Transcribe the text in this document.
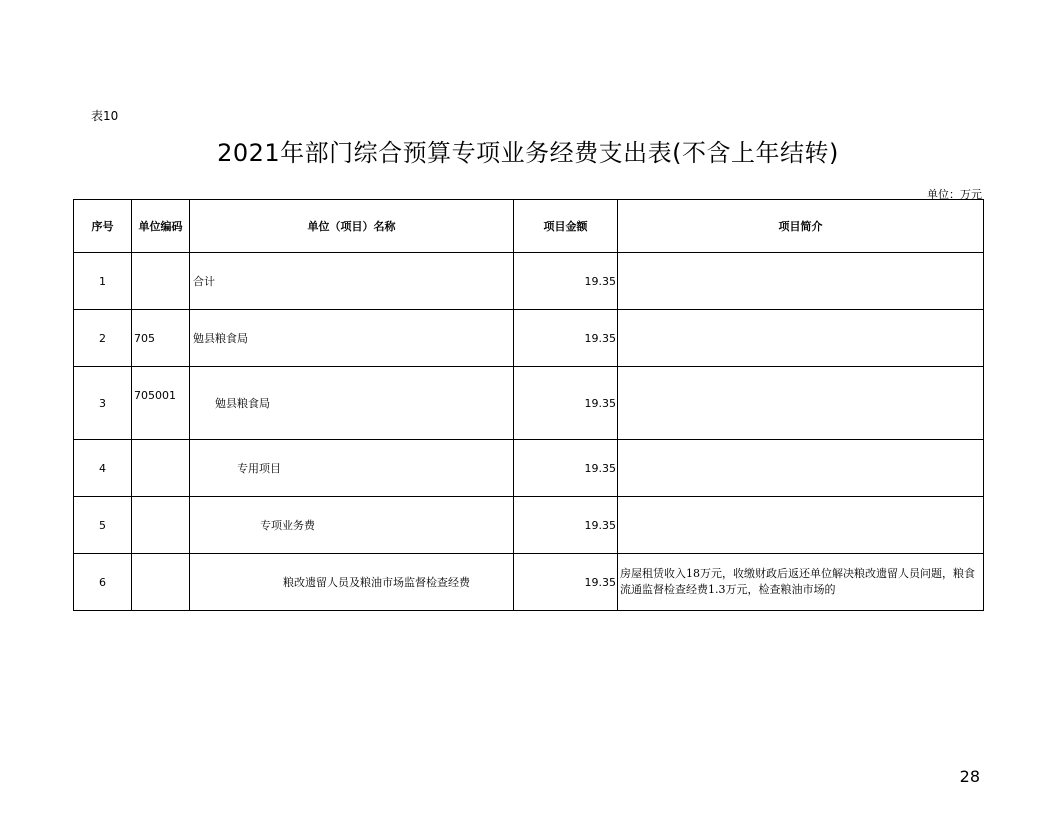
表10
2021年部门综合预算专项业务经费支出表(不含上年结转)
单位：万元
序号	单位编码	单位（项目）名称	项目金额	项目简介
1		合计	19.35	
2	705	勉县粮食局	19.35	
3	705001	勉县粮食局	19.35	
4		专用项目	19.35	
5		专项业务费	19.35	
6		粮改遗留人员及粮油市场监督检查经费	19.35	房屋租赁收入18万元，收缴财政后返还单位解决粮改遗留人员问题，粮食流通监督检查经费1.3万元，检查粮油市场的
28
